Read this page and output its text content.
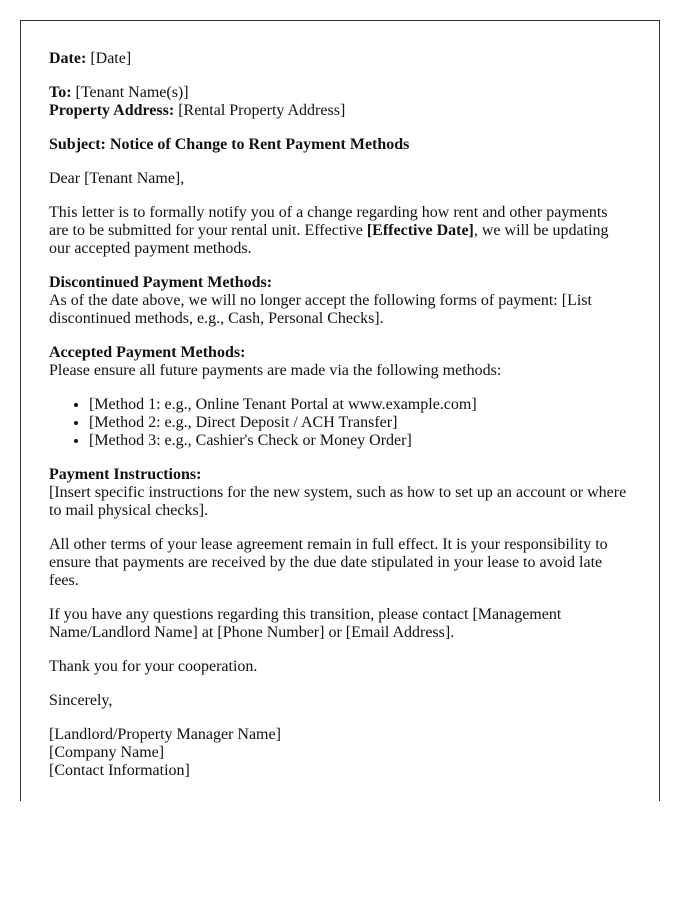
Date: [Date]

To: [Tenant Name(s)]
Property Address: [Rental Property Address]

Subject: Notice of Change to Rent Payment Methods

Dear [Tenant Name],

This letter is to formally notify you of a change regarding how rent and other payments are to be submitted for your rental unit. Effective [Effective Date], we will be updating our accepted payment methods.

Discontinued Payment Methods:
As of the date above, we will no longer accept the following forms of payment: [List discontinued methods, e.g., Cash, Personal Checks].

Accepted Payment Methods:
Please ensure all future payments are made via the following methods:

• [Method 1: e.g., Online Tenant Portal at www.example.com]
• [Method 2: e.g., Direct Deposit / ACH Transfer]
• [Method 3: e.g., Cashier's Check or Money Order]

Payment Instructions:
[Insert specific instructions for the new system, such as how to set up an account or where to mail physical checks].

All other terms of your lease agreement remain in full effect. It is your responsibility to ensure that payments are received by the due date stipulated in your lease to avoid late fees.

If you have any questions regarding this transition, please contact [Management Name/Landlord Name] at [Phone Number] or [Email Address].

Thank you for your cooperation.

Sincerely,

[Landlord/Property Manager Name]
[Company Name]
[Contact Information]
